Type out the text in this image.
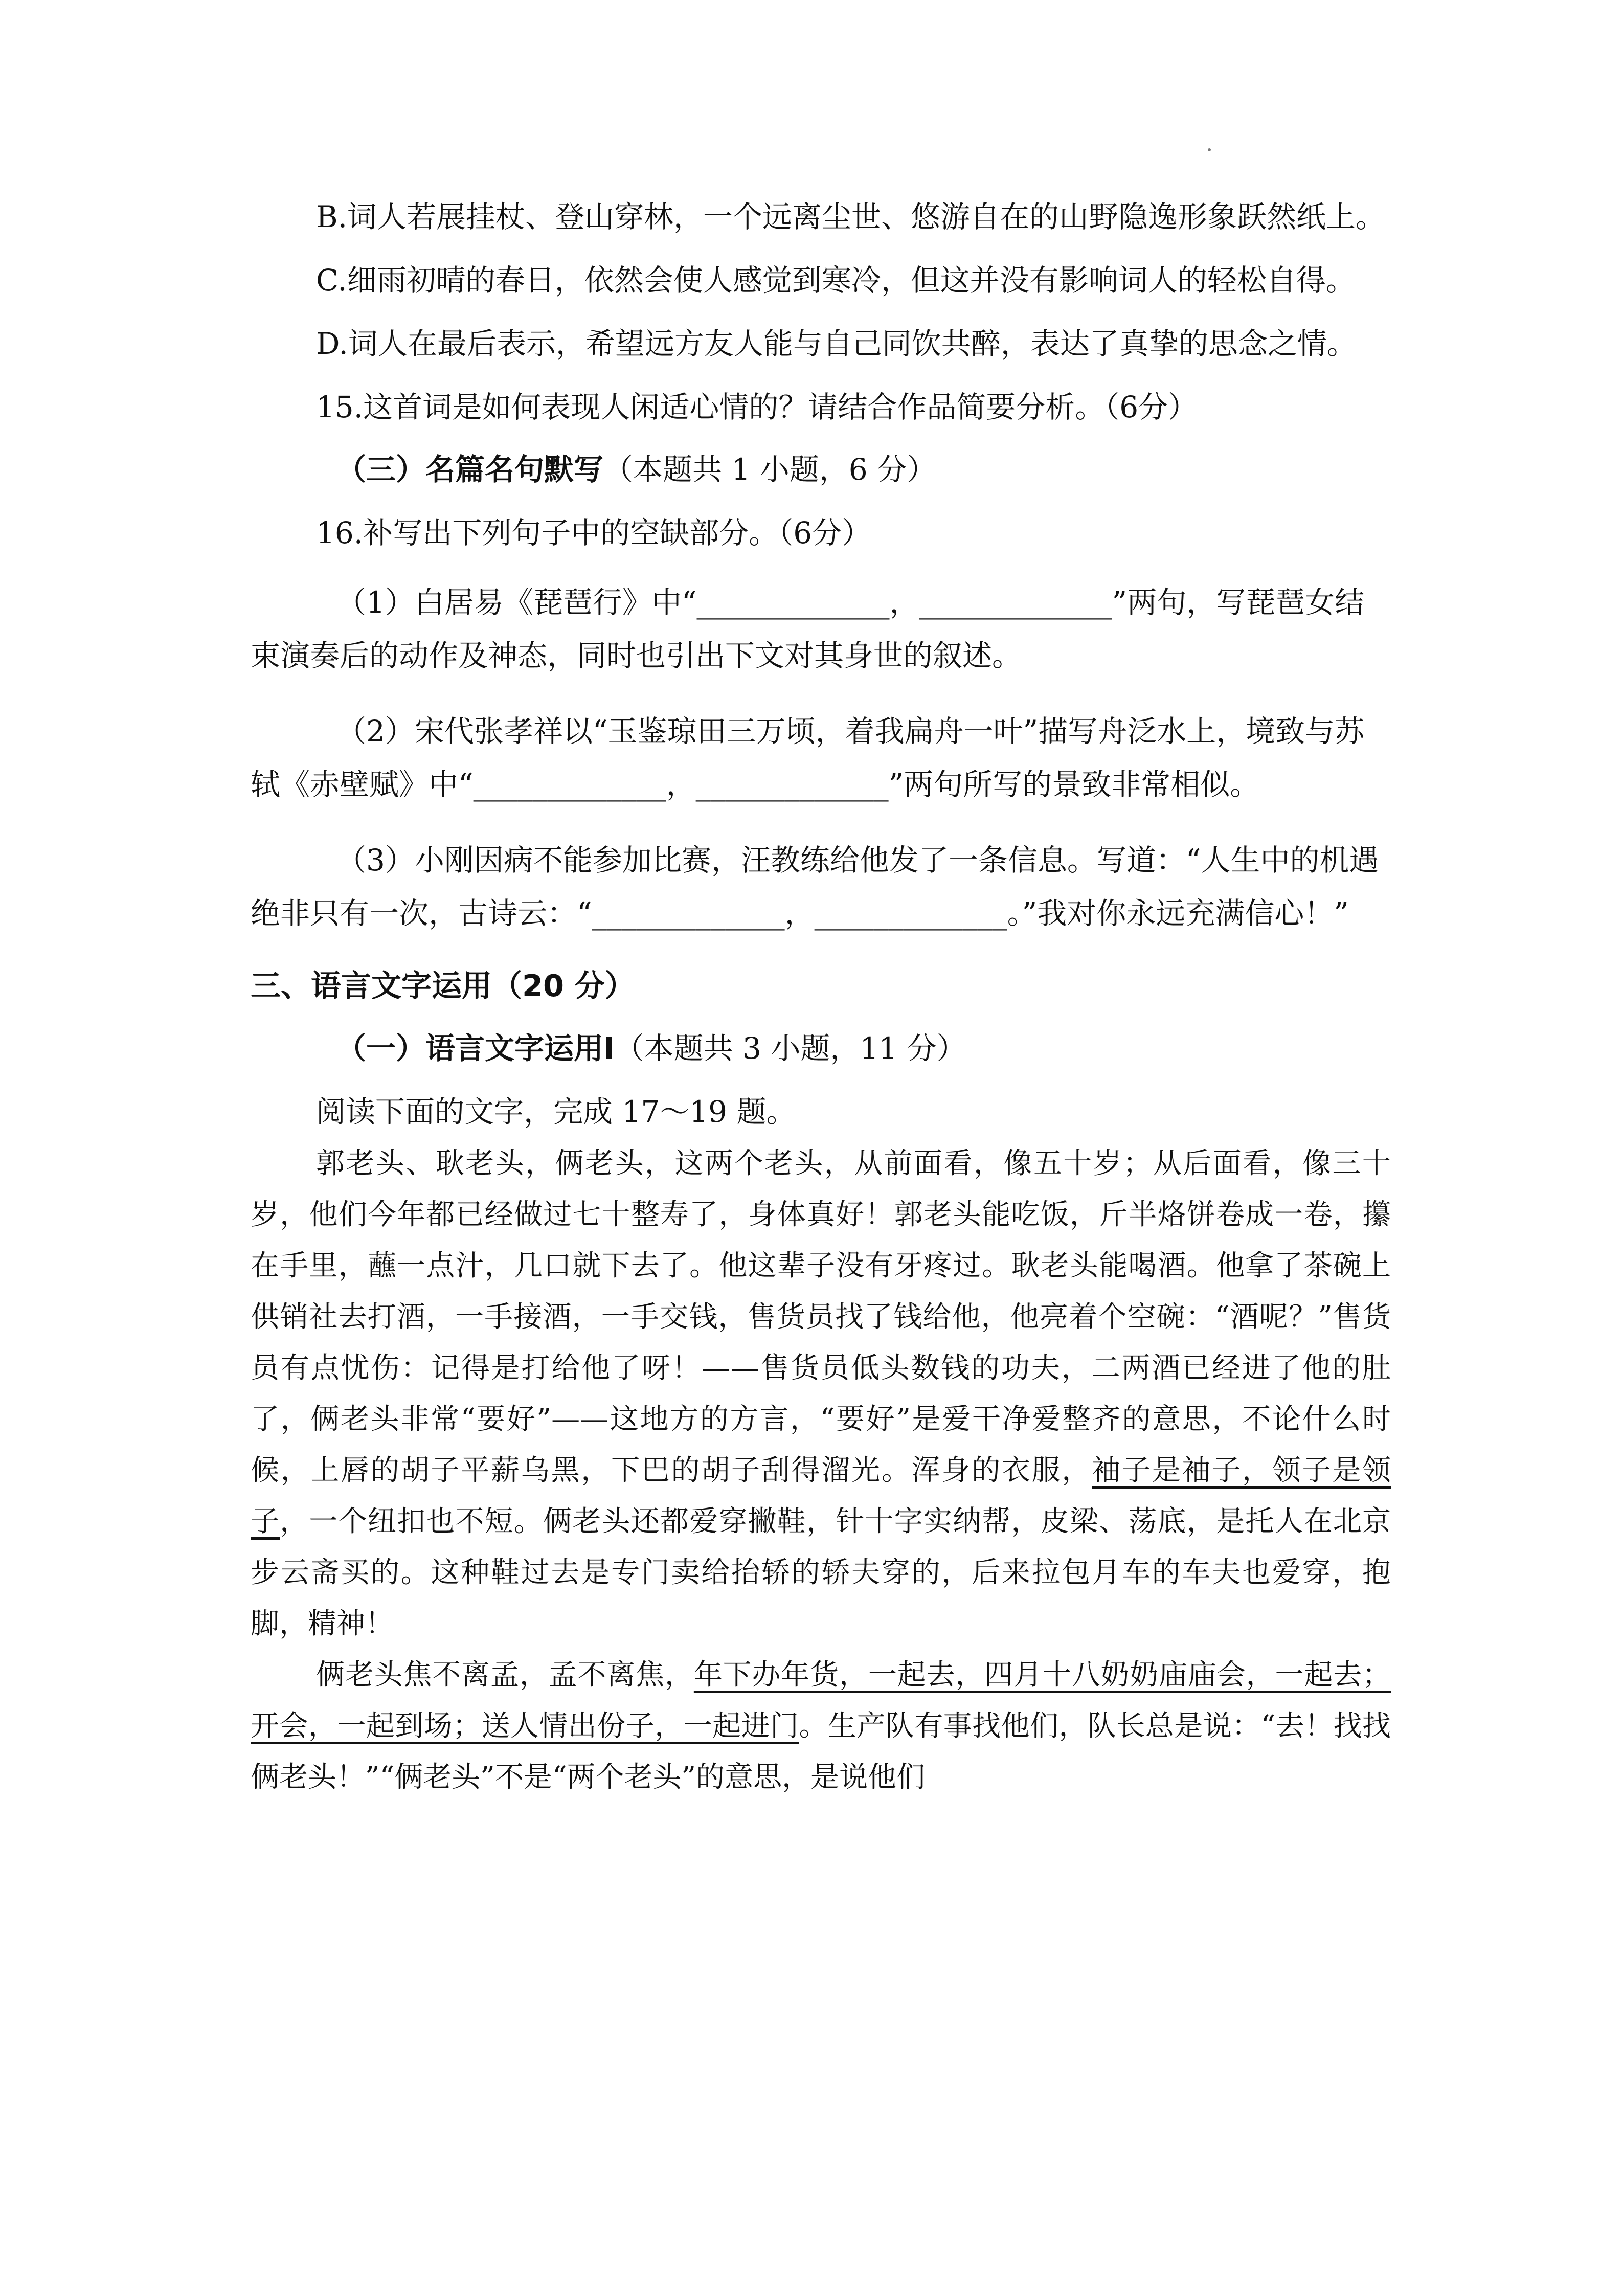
B.词人若展挂杖、登山穿林，一个远离尘世、悠游自在的山野隐逸形象跃然纸上。

C.细雨初晴的春日，依然会使人感觉到寒冷，但这并没有影响词人的轻松自得。

D.词人在最后表示，希望远方友人能与自己同饮共醉，表达了真挚的思念之情。

15.这首词是如何表现人闲适心情的？请结合作品简要分析。（6分）

（三）名篇名句默写（本题共 1 小题，6 分）

16.补写出下列句子中的空缺部分。（6分）

（1）白居易《琵琶行》中“_____________，_____________”两句，写琵琶女结束演奏后的动作及神态，同时也引出下文对其身世的叙述。

（2）宋代张孝祥以“玉鉴琼田三万顷，着我扁舟一叶”描写舟泛水上，境致与苏轼《赤壁赋》中“_____________，_____________”两句所写的景致非常相似。

（3）小刚因病不能参加比赛，汪教练给他发了一条信息。写道：“人生中的机遇绝非只有一次，古诗云：“_____________，_____________。”我对你永远充满信心！”

三、语言文字运用（20 分）

（一）语言文字运用Ⅰ（本题共 3 小题，11 分）

阅读下面的文字，完成 17～19 题。

郭老头、耿老头，俩老头，这两个老头，从前面看，像五十岁；从后面看，像三十岁，他们今年都已经做过七十整寿了，身体真好！郭老头能吃饭，斤半烙饼卷成一卷，攥在手里，蘸一点汁，几口就下去了。他这辈子没有牙疼过。耿老头能喝酒。他拿了茶碗上供销社去打酒，一手接酒，一手交钱，售货员找了钱给他，他亮着个空碗：“酒呢？”售货员有点忧伤：记得是打给他了呀！——售货员低头数钱的功夫，二两酒已经进了他的肚了，俩老头非常“要好”——这地方的方言，“要好”是爱干净爱整齐的意思，不论什么时候，上唇的胡子平薪乌黑，下巴的胡子刮得溜光。浑身的衣服，袖子是袖子，领子是领子，一个纽扣也不短。俩老头还都爱穿撇鞋，针十字实纳帮，皮梁、荡底，是托人在北京步云斋买的。这种鞋过去是专门卖给抬轿的轿夫穿的，后来拉包月车的车夫也爱穿，抱脚，精神！

俩老头焦不离孟，孟不离焦，年下办年货，一起去，四月十八奶奶庙庙会，一起去；开会，一起到场；送人情出份子，一起进门。生产队有事找他们，队长总是说：“去！找找俩老头！”“俩老头”不是“两个老头”的意思，是说他们
